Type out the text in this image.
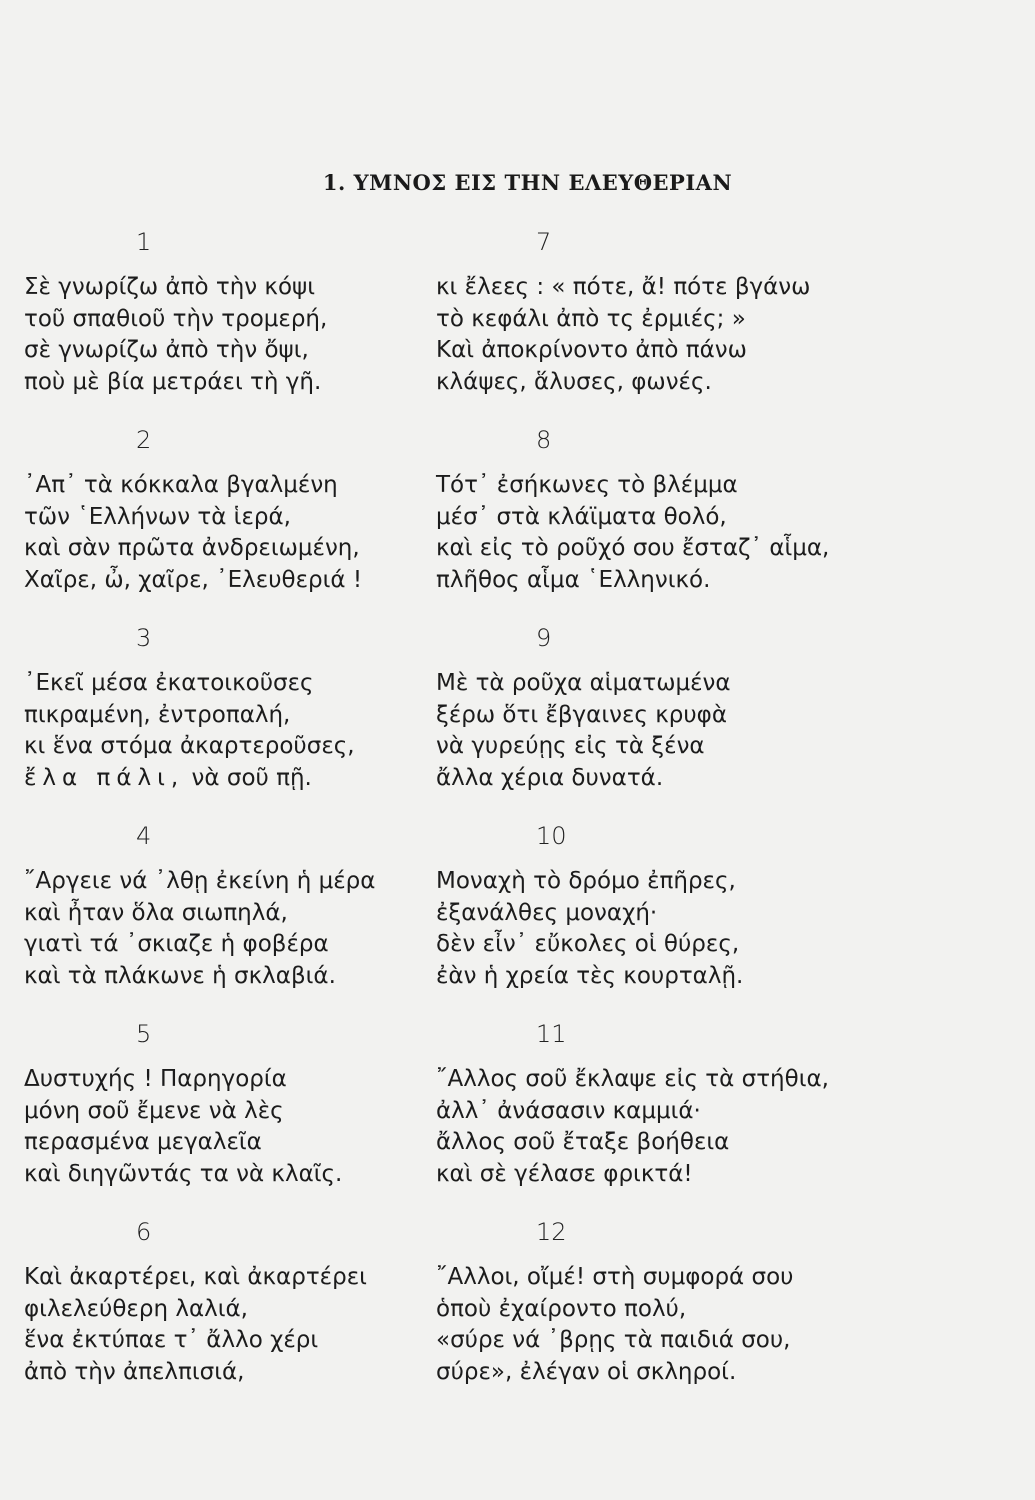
1. ΥΜΝΟΣ ΕΙΣ ΤΗΝ ΕΛΕΥΘΕΡΙΑΝ
1
Σὲ γνωρίζω ἀπὸ τὴν κόψι
τοῦ σπαθιοῦ τὴν τρομερή,
σὲ γνωρίζω ἀπὸ τὴν ὄψι,
ποὺ μὲ βία μετράει τὴ γῆ.
2
᾿Απ᾿ τὰ κόκκαλα βγαλμένη
τῶν ῾Ελλήνων τὰ ἱερά,
καὶ σὰν πρῶτα ἀνδρειωμένη,
Χαῖρε, ὦ, χαῖρε, ᾿Ελευθεριά !
3
᾿Εκεῖ μέσα ἐκατοικοῦσες
πικραμένη, ἐντροπαλή,
κι ἕνα στόμα ἀκαρτεροῦσες,
ἔλα πάλι, νὰ σοῦ πῇ.
4
῎Αργειε νά ᾿λθῃ ἐκείνη ἡ μέρα
καὶ ἦταν ὅλα σιωπηλά,
γιατὶ τά ᾿σκιαζε ἡ φοβέρα
καὶ τὰ πλάκωνε ἡ σκλαβιά.
5
Δυστυχής ! Παρηγορία
μόνη σοῦ ἔμενε νὰ λὲς
περασμένα μεγαλεῖα
καὶ διηγῶντάς τα νὰ κλαῖς.
6
Καὶ ἀκαρτέρει, καὶ ἀκαρτέρει
φιλελεύθερη λαλιά,
ἕνα ἐκτύπαε τ᾿ ἄλλο χέρι
ἀπὸ τὴν ἀπελπισιά,
7
κι ἔλεες : « πότε, ἄ! πότε βγάνω
τὸ κεφάλι ἀπὸ τς ἐρμιές; »
Καὶ ἀποκρίνοντο ἀπὸ πάνω
κλάψες, ἅλυσες, φωνές.
8
Τότ᾿ ἐσήκωνες τὸ βλέμμα
μέσ᾿ στὰ κλάϊματα θολό,
καὶ εἰς τὸ ροῦχό σου ἔσταζ᾿ αἷμα,
πλῆθος αἷμα ῾Ελληνικό.
9
Μὲ τὰ ροῦχα αἱματωμένα
ξέρω ὅτι ἔβγαινες κρυφὰ
νὰ γυρεύῃς εἰς τὰ ξένα
ἄλλα χέρια δυνατά.
10
Μοναχὴ τὸ δρόμο ἐπῆρες,
ἐξανάλθες μοναχή·
δὲν εἶν᾿ εὔκολες οἱ θύρες,
ἐὰν ἡ χρεία τὲς κουρταλῇ.
11
῎Αλλος σοῦ ἔκλαψε εἰς τὰ στήθια,
ἀλλ᾿ ἀνάσασιν καμμιά·
ἄλλος σοῦ ἔταξε βοήθεια
καὶ σὲ γέλασε φρικτά!
12
῎Αλλοι, οἴμέ! στὴ συμφορά σου
ὁποὺ ἐχαίροντο πολύ,
«σύρε νά ᾿βρῃς τὰ παιδιά σου,
σύρε», ἐλέγαν οἱ σκληροί.
